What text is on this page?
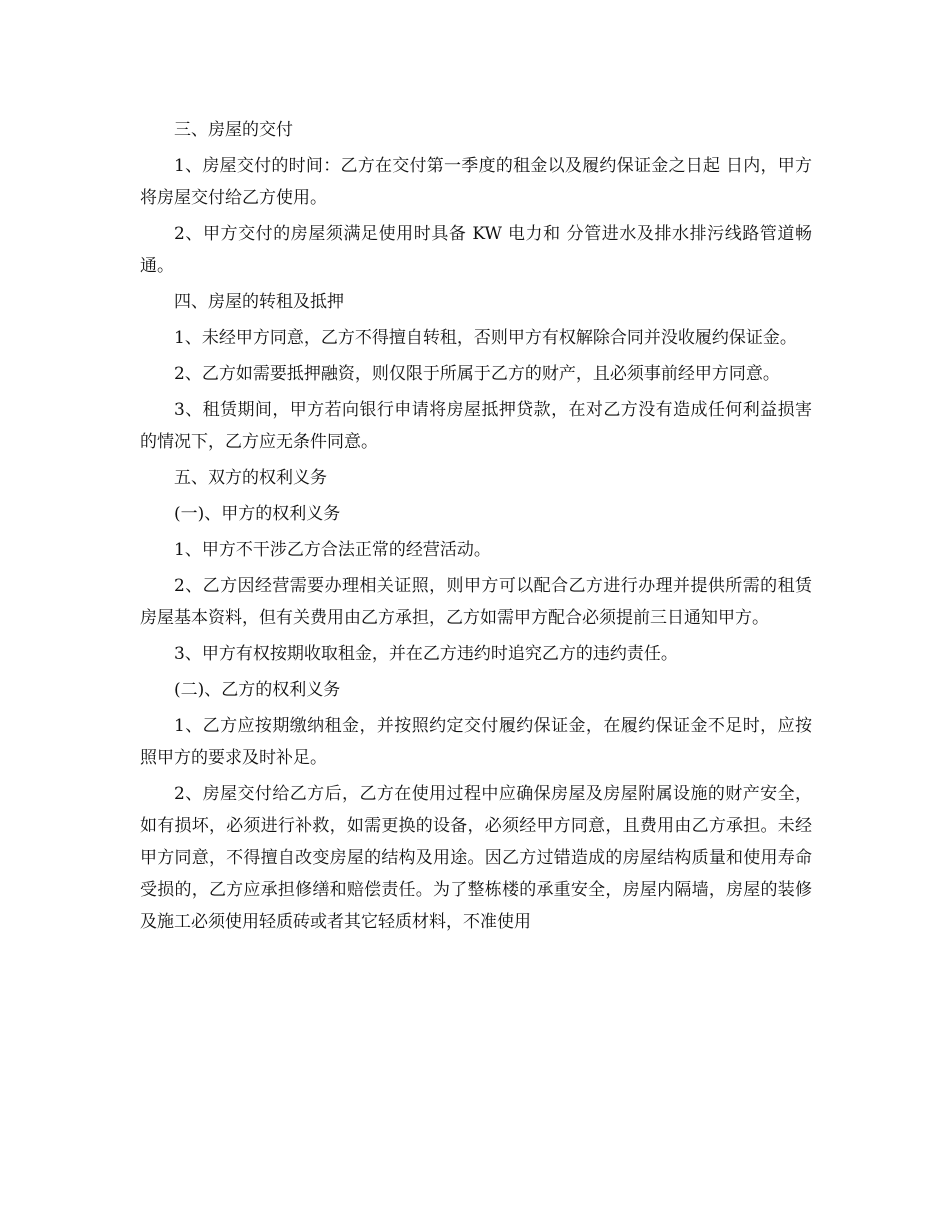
三、房屋的交付

1、房屋交付的时间：乙方在交付第一季度的租金以及履约保证金之日起 日内，甲方将房屋交付给乙方使用。

2、甲方交付的房屋须满足使用时具备 KW 电力和 分管进水及排水排污线路管道畅通。

四、房屋的转租及抵押

1、未经甲方同意，乙方不得擅自转租，否则甲方有权解除合同并没收履约保证金。

2、乙方如需要抵押融资，则仅限于所属于乙方的财产，且必须事前经甲方同意。

3、租赁期间，甲方若向银行申请将房屋抵押贷款，在对乙方没有造成任何利益损害的情况下，乙方应无条件同意。

五、双方的权利义务

(一)、甲方的权利义务

1、甲方不干涉乙方合法正常的经营活动。

2、乙方因经营需要办理相关证照，则甲方可以配合乙方进行办理并提供所需的租赁房屋基本资料，但有关费用由乙方承担，乙方如需甲方配合必须提前三日通知甲方。

3、甲方有权按期收取租金，并在乙方违约时追究乙方的违约责任。

(二)、乙方的权利义务

1、乙方应按期缴纳租金，并按照约定交付履约保证金，在履约保证金不足时，应按照甲方的要求及时补足。

2、房屋交付给乙方后，乙方在使用过程中应确保房屋及房屋附属设施的财产安全，如有损坏，必须进行补救，如需更换的设备，必须经甲方同意，且费用由乙方承担。未经甲方同意，不得擅自改变房屋的结构及用途。因乙方过错造成的房屋结构质量和使用寿命受损的，乙方应承担修缮和赔偿责任。为了整栋楼的承重安全，房屋内隔墙，房屋的装修及施工必须使用轻质砖或者其它轻质材料，不准使用
